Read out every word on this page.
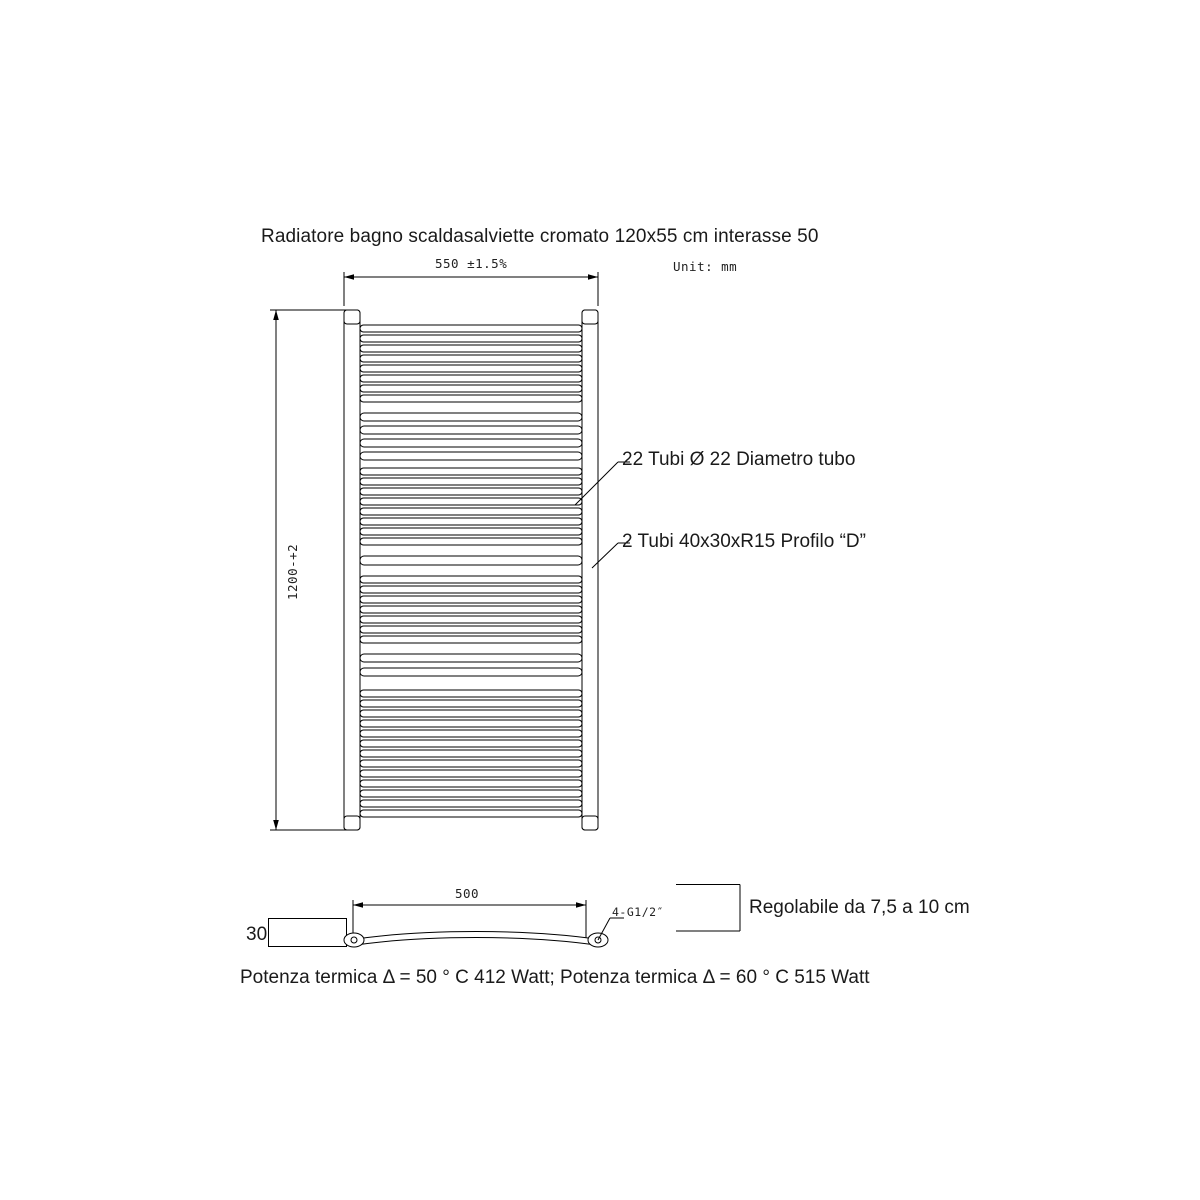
Radiatore bagno scaldasalviette cromato 120x55 cm interasse 50
Unit: mm
550 ±1.5%
1200-+2
22 Tubi Ø 22 Diametro tubo
2 Tubi 40x30xR15 Profilo “D”
500
30
4-G1/2″	Regolabile da 7,5 a 10 cm
Potenza termica Δ = 50 ° C 412 Watt; Potenza termica Δ = 60 ° C 515 Watt
